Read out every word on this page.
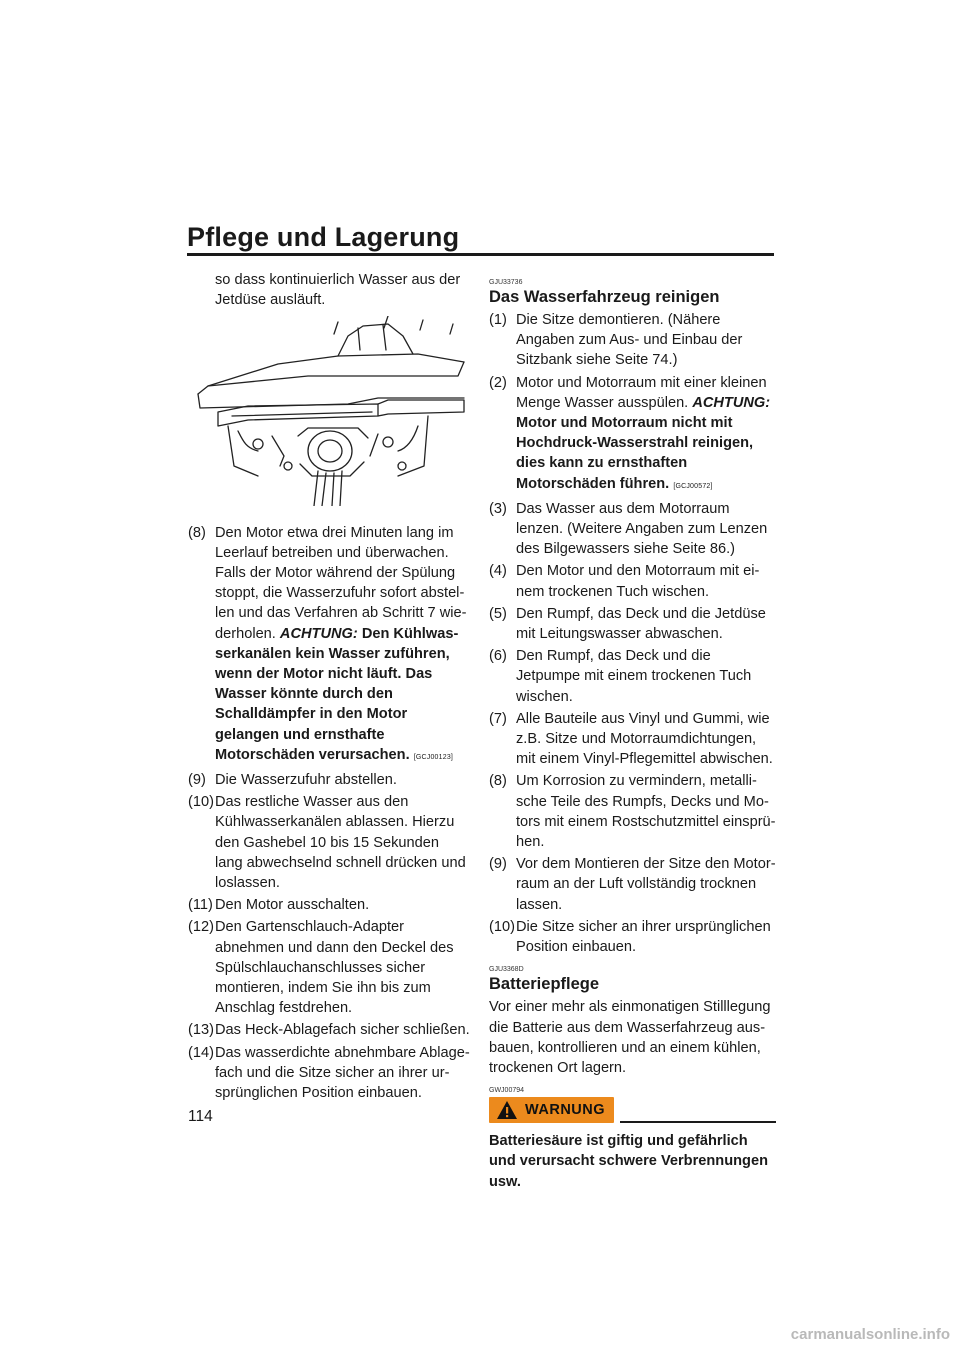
Pflege und Lagerung
so dass kontinuierlich Wasser aus der Jetdüse ausläuft.
(8) Den Motor etwa drei Minuten lang im Leerlauf betreiben und überwachen. Falls der Motor während der Spülung stoppt, die Wasserzufuhr sofort abstellen und das Verfahren ab Schritt 7 wiederholen. ACHTUNG: Den Kühlwasserkanälen kein Wasser zuführen, wenn der Motor nicht läuft. Das Wasser könnte durch den Schalldämpfer in den Motor gelangen und ernsthafte Motorschäden verursachen. [GCJ00123]
(9) Die Wasserzufuhr abstellen.
(10) Das restliche Wasser aus den Kühlwasserkanälen ablassen. Hierzu den Gashebel 10 bis 15 Sekunden lang abwechselnd schnell drücken und loslassen.
(11) Den Motor ausschalten.
(12) Den Gartenschlauch-Adapter abnehmen und dann den Deckel des Spülschlauchanschlusses sicher montieren, indem Sie ihn bis zum Anschlag festdrehen.
(13) Das Heck-Ablagefach sicher schließen.
(14) Das wasserdichte abnehmbare Ablagefach und die Sitze sicher an ihrer ursprünglichen Position einbauen.
GJU33736
Das Wasserfahrzeug reinigen
(1) Die Sitze demontieren. (Nähere Angaben zum Aus- und Einbau der Sitzbank siehe Seite 74.)
(2) Motor und Motorraum mit einer kleinen Menge Wasser ausspülen. ACHTUNG: Motor und Motorraum nicht mit Hochdruck-Wasserstrahl reinigen, dies kann zu ernsthaften Motorschäden führen. [GCJ00572]
(3) Das Wasser aus dem Motorraum lenzen. (Weitere Angaben zum Lenzen des Bilgewassers siehe Seite 86.)
(4) Den Motor und den Motorraum mit einem trockenen Tuch wischen.
(5) Den Rumpf, das Deck und die Jetdüse mit Leitungswasser abwaschen.
(6) Den Rumpf, das Deck und die Jetpumpe mit einem trockenen Tuch wischen.
(7) Alle Bauteile aus Vinyl und Gummi, wie z.B. Sitze und Motorraumdichtungen, mit einem Vinyl-Pflegemittel abwischen.
(8) Um Korrosion zu vermindern, metallische Teile des Rumpfs, Decks und Motors mit einem Rostschutzmittel einsprühen.
(9) Vor dem Montieren der Sitze den Motorraum an der Luft vollständig trocknen lassen.
(10) Die Sitze sicher an ihrer ursprünglichen Position einbauen.
GJU3368D
Batteriepflege
Vor einer mehr als einmonatigen Stilllegung die Batterie aus dem Wasserfahrzeug ausbauen, kontrollieren und an einem kühlen, trockenen Ort lagern.
GWJ00794
WARNUNG
Batteriesäure ist giftig und gefährlich und verursacht schwere Verbrennungen usw.
114
carmanualsonline.info
